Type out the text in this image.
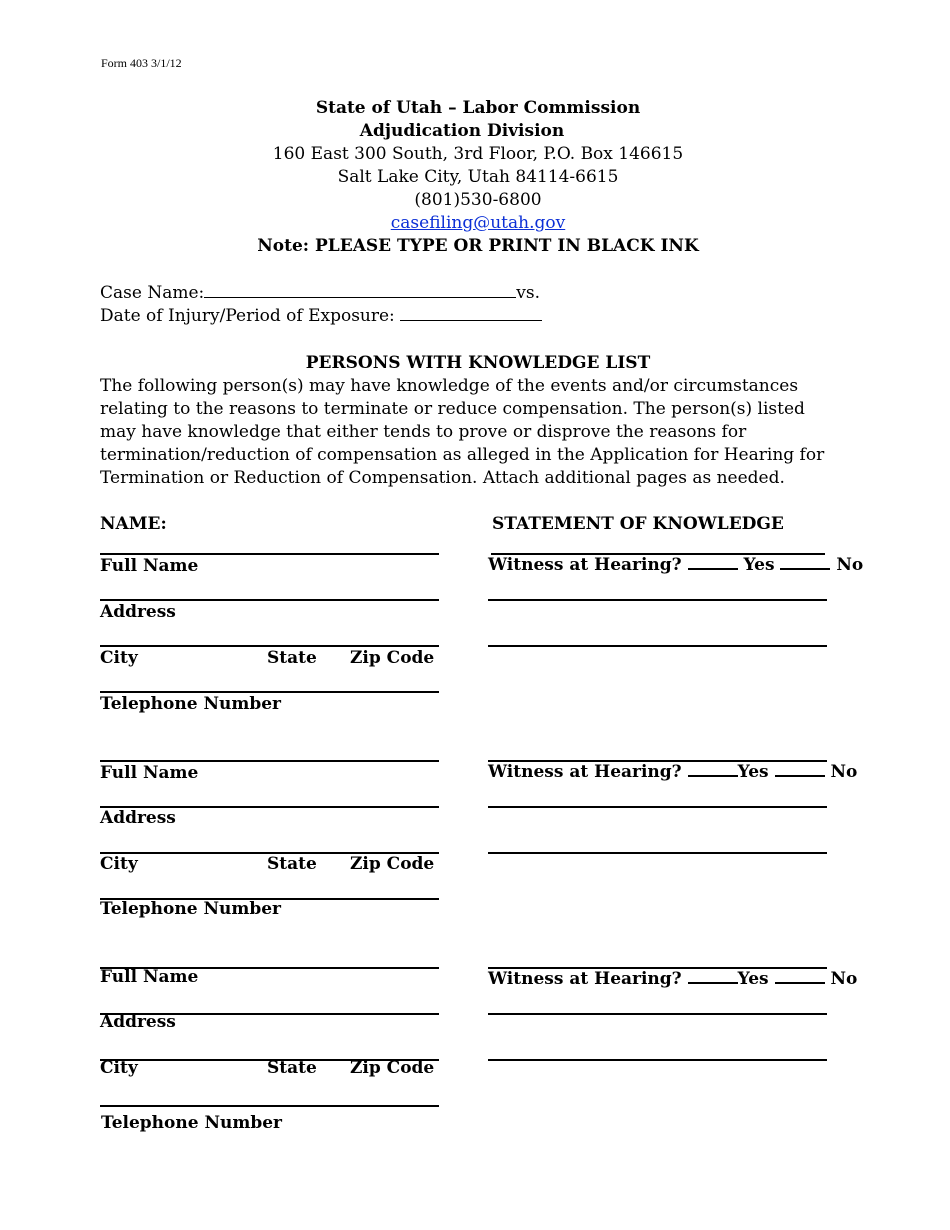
Form 403 3/1/12
State of Utah – Labor Commission
Adjudication Division
160 East 300 South, 3rd Floor, P.O. Box 146615
Salt Lake City, Utah 84114-6615
(801)530-6800
casefiling@utah.gov
Note: PLEASE TYPE OR PRINT IN BLACK INK
Case Name:	vs.
Date of Injury/Period of Exposure:
PERSONS WITH KNOWLEDGE LIST
The following person(s) may have knowledge of the events and/or circumstances relating to the reasons to terminate or reduce compensation. The person(s) listed may have knowledge that either tends to prove or disprove the reasons for termination/reduction of compensation as alleged in the Application for Hearing for Termination or Reduction of Compensation. Attach additional pages as needed.
NAME:	STATEMENT OF KNOWLEDGE
Full Name
Address
City	State Zip Code
Telephone Number
Witness at Hearing?	Yes	No
Full Name
Address
City	State Zip Code
Telephone Number
Witness at Hearing?	Yes	No
Full Name
Address
City	State Zip Code
Telephone Number
Witness at Hearing?	Yes	No
